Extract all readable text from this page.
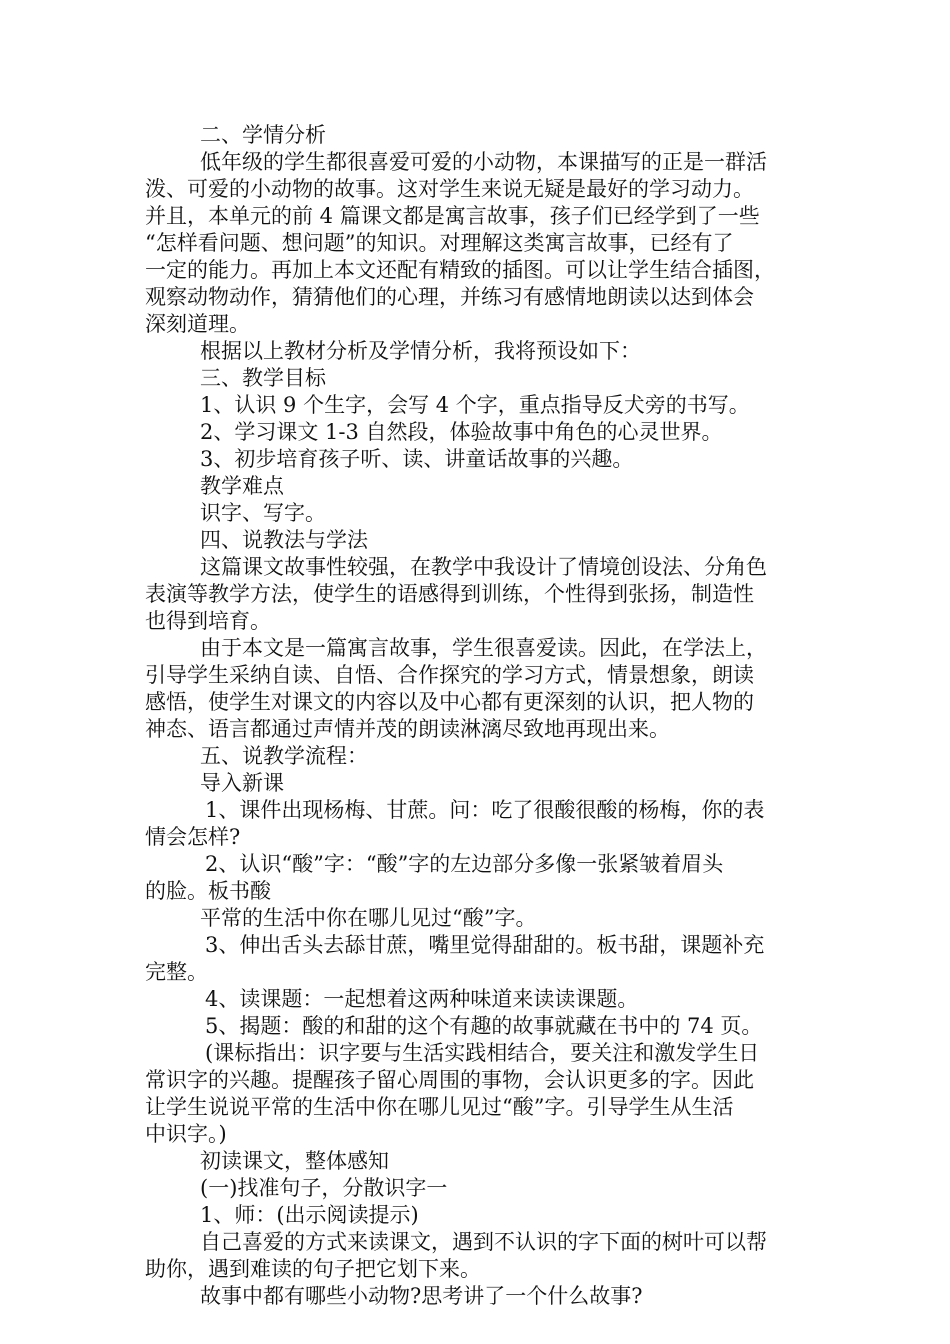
二、学情分析
低年级的学生都很喜爱可爱的小动物，本课描写的正是一群活
泼、可爱的小动物的故事。这对学生来说无疑是最好的学习动力。
并且，本单元的前 4 篇课文都是寓言故事，孩子们已经学到了一些
“怎样看问题、想问题”的知识。对理解这类寓言故事，已经有了
一定的能力。再加上本文还配有精致的插图。可以让学生结合插图，
观察动物动作，猜猜他们的心理，并练习有感情地朗读以达到体会
深刻道理。
根据以上教材分析及学情分析，我将预设如下：
三、教学目标
1、认识 9 个生字，会写 4 个字，重点指导反犬旁的书写。
2、学习课文 1-3 自然段，体验故事中角色的心灵世界。
3、初步培育孩子听、读、讲童话故事的兴趣。
教学难点
识字、写字。
四、说教法与学法
这篇课文故事性较强，在教学中我设计了情境创设法、分角色
表演等教学方法，使学生的语感得到训练，个性得到张扬，制造性
也得到培育。
由于本文是一篇寓言故事，学生很喜爱读。因此，在学法上，
引导学生采纳自读、自悟、合作探究的学习方式，情景想象，朗读
感悟，使学生对课文的内容以及中心都有更深刻的认识，把人物的
神态、语言都通过声情并茂的朗读淋漓尽致地再现出来。
五、说教学流程：
导入新课
1、课件出现杨梅、甘蔗。问：吃了很酸很酸的杨梅，你的表
情会怎样?
2、认识“酸”字：“酸”字的左边部分多像一张紧皱着眉头
的脸。板书酸
平常的生活中你在哪儿见过“酸”字。
3、伸出舌头去舔甘蔗，嘴里觉得甜甜的。板书甜，课题补充
完整。
4、读课题：一起想着这两种味道来读读课题。
5、揭题：酸的和甜的这个有趣的故事就藏在书中的 74 页。
(课标指出：识字要与生活实践相结合，要关注和激发学生日
常识字的兴趣。提醒孩子留心周围的事物，会认识更多的字。因此
让学生说说平常的生活中你在哪儿见过“酸”字。引导学生从生活
中识字。)
初读课文，整体感知
(一)找准句子，分散识字一
1、师：(出示阅读提示)
自己喜爱的方式来读课文，遇到不认识的字下面的树叶可以帮
助你，遇到难读的句子把它划下来。
故事中都有哪些小动物?思考讲了一个什么故事?
